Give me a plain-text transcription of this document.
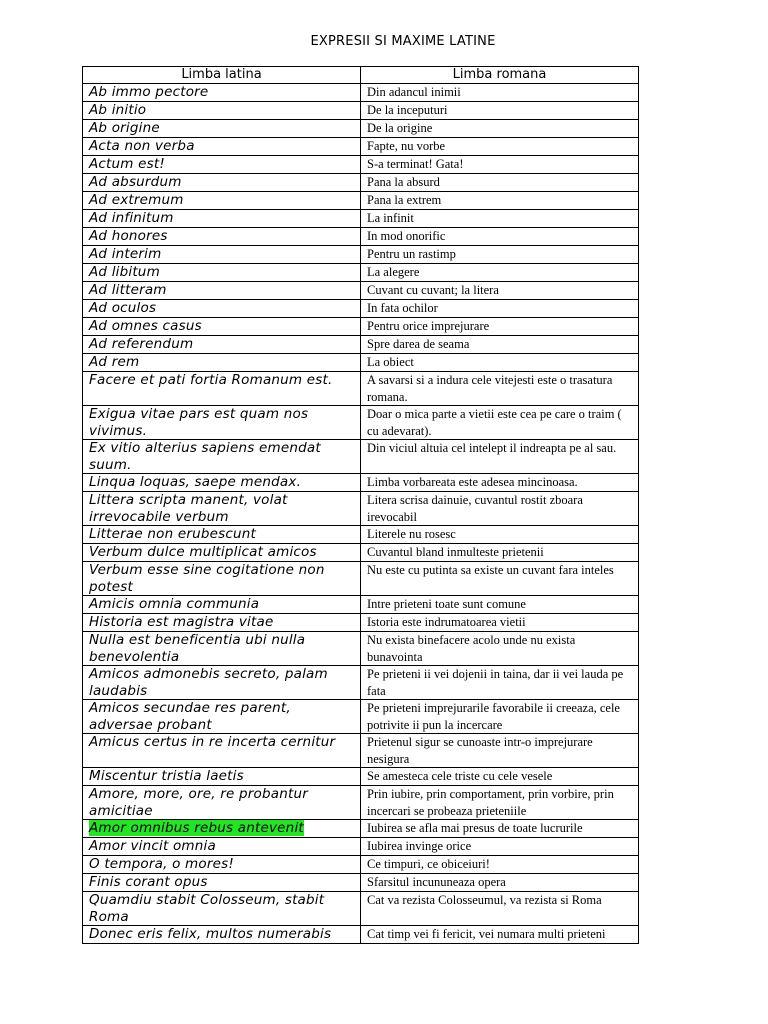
EXPRESII SI MAXIME LATINE
Limba latina	Limba romana
Ab immo pectore	Din adancul inimii
Ab initio	De la inceputuri
Ab origine	De la origine
Acta non verba	Fapte, nu vorbe
Actum est!	S-a terminat! Gata!
Ad absurdum	Pana la absurd
Ad extremum	Pana la extrem
Ad infinitum	La infinit
Ad honores	In mod onorific
Ad interim	Pentru un rastimp
Ad libitum	La alegere
Ad litteram	Cuvant cu cuvant; la litera
Ad oculos	In fata ochilor
Ad omnes casus	Pentru orice imprejurare
Ad referendum	Spre darea de seama
Ad rem	La obiect
Facere et pati fortia Romanum est.	A savarsi si a indura cele vitejesti este o trasatura romana.
Exigua vitae pars est quam nos vivimus.	Doar o mica parte a vietii este cea pe care o traim ( cu adevarat).
Ex vitio alterius sapiens emendat suum.	Din viciul altuia cel intelept il indreapta pe al sau.
Linqua loquas, saepe mendax.	Limba vorbareata este adesea mincinoasa.
Littera scripta manent, volat irrevocabile verbum	Litera scrisa dainuie, cuvantul rostit zboara irevocabil
Litterae non erubescunt	Literele nu rosesc
Verbum dulce multiplicat amicos	Cuvantul bland inmulteste prietenii
Verbum esse sine cogitatione non potest	Nu este cu putinta sa existe un cuvant fara inteles
Amicis omnia communia	Intre prieteni toate sunt comune
Historia est magistra vitae	Istoria este indrumatoarea vietii
Nulla est beneficentia ubi nulla benevolentia	Nu exista binefacere acolo unde nu exista bunavointa
Amicos admonebis secreto, palam laudabis	Pe prieteni ii vei dojenii in taina, dar ii vei lauda pe fata
Amicos secundae res parent, adversae probant	Pe prieteni imprejurarile favorabile ii creeaza, cele potrivite ii pun la incercare
Amicus certus in re incerta cernitur	Prietenul sigur se cunoaste intr-o imprejurare nesigura
Miscentur tristia laetis	Se amesteca cele triste cu cele vesele
Amore, more, ore, re probantur amicitiae	Prin iubire, prin comportament, prin vorbire, prin incercari se probeaza prieteniile
Amor omnibus rebus antevenit	Iubirea se afla mai presus de toate lucrurile
Amor vincit omnia	Iubirea invinge orice
O tempora, o mores!	Ce timpuri, ce obiceiuri!
Finis corant opus	Sfarsitul incununeaza opera
Quamdiu stabit Colosseum, stabit Roma	Cat va rezista Colosseumul, va rezista si Roma
Donec eris felix, multos numerabis	Cat timp vei fi fericit, vei numara multi prieteni
